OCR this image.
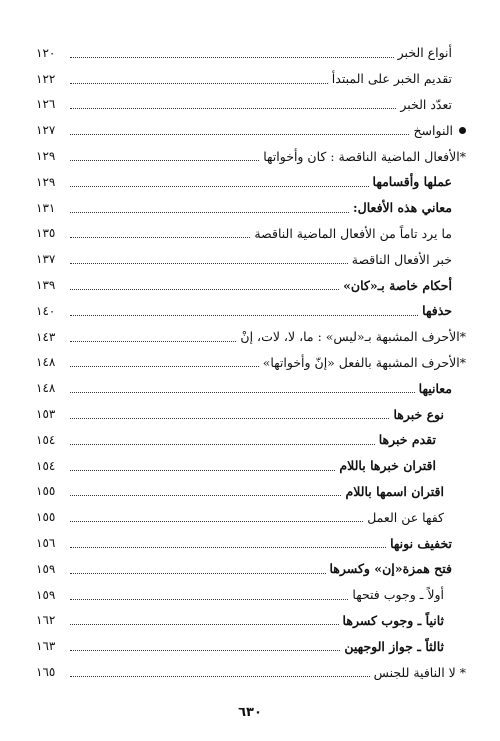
أنواع الخبر
١٢٠
تقديم الخبر على المبتدأ
١٢٢
تعدّد الخبر
١٢٦
النواسخ
١٢٧
*الأفعال الماضية الناقصة : كان وأخواتها
١٢٩
عملها وأقسامها
١٢٩
معاني هذه الأفعال:
١٣١
ما يرد تاماً من الأفعال الماضية الناقصة
١٣٥
خبر الأفعال الناقصة
١٣٧
أحكام خاصة بـ«كان»
١٣٩
حذفها
١٤٠
*الأحرف المشبهة بـ«ليس» : ما، لا، لات، إنْ
١٤٣
*الأحرف المشبهة بالفعل «إنّ وأخواتها»
١٤٨
معانيها
١٤٨
نوع خبرها
١٥٣
تقدم خبرها
١٥٤
اقتران خبرها باللام
١٥٤
اقتران اسمها باللام
١٥٥
كفها عن العمل
١٥٥
تخفيف نونها
١٥٦
فتح همزة«إن» وكسرها
١٥٩
أولاً ـ وجوب فتحها
١٥٩
ثانياً ـ وجوب كسرها
١٦٢
ثالثاً ـ جواز الوجهين
١٦٣
* لا النافية للجنس
١٦٥
٦٣٠
